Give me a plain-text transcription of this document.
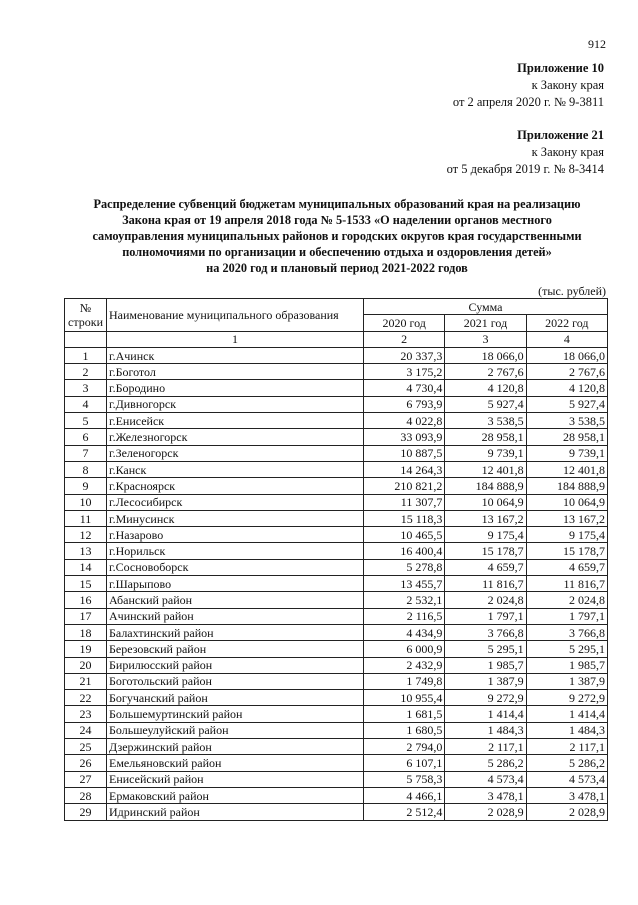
912
Приложение 10
к Закону края
от 2 апреля 2020 г. № 9-3811
Приложение 21
к Закону края
от 5 декабря 2019 г. № 8-3414
Распределение субвенций бюджетам муниципальных образований края на реализацию
Закона края от 19 апреля 2018 года № 5-1533 «О наделении органов местного
самоуправления муниципальных районов и городских округов края государственными
полномочиями по организации и обеспечению отдыха и оздоровления детей»
на 2020 год и плановый период 2021-2022 годов
(тыс. рублей)
№ строки	Наименование муниципального образования	Сумма		
		2020 год	2021 год	2022 год
	1	2	3	4
1	г.Ачинск	20 337,3	18 066,0	18 066,0
2	г.Боготол	3 175,2	2 767,6	2 767,6
3	г.Бородино	4 730,4	4 120,8	4 120,8
4	г.Дивногорск	6 793,9	5 927,4	5 927,4
5	г.Енисейск	4 022,8	3 538,5	3 538,5
6	г.Железногорск	33 093,9	28 958,1	28 958,1
7	г.Зеленогорск	10 887,5	9 739,1	9 739,1
8	г.Канск	14 264,3	12 401,8	12 401,8
9	г.Красноярск	210 821,2	184 888,9	184 888,9
10	г.Лесосибирск	11 307,7	10 064,9	10 064,9
11	г.Минусинск	15 118,3	13 167,2	13 167,2
12	г.Назарово	10 465,5	9 175,4	9 175,4
13	г.Норильск	16 400,4	15 178,7	15 178,7
14	г.Сосновоборск	5 278,8	4 659,7	4 659,7
15	г.Шарыпово	13 455,7	11 816,7	11 816,7
16	Абанский район	2 532,1	2 024,8	2 024,8
17	Ачинский район	2 116,5	1 797,1	1 797,1
18	Балахтинский район	4 434,9	3 766,8	3 766,8
19	Березовский район	6 000,9	5 295,1	5 295,1
20	Бирилюсский район	2 432,9	1 985,7	1 985,7
21	Боготольский район	1 749,8	1 387,9	1 387,9
22	Богучанский район	10 955,4	9 272,9	9 272,9
23	Большемуртинский район	1 681,5	1 414,4	1 414,4
24	Большеулуйский район	1 680,5	1 484,3	1 484,3
25	Дзержинский район	2 794,0	2 117,1	2 117,1
26	Емельяновский район	6 107,1	5 286,2	5 286,2
27	Енисейский район	5 758,3	4 573,4	4 573,4
28	Ермаковский район	4 466,1	3 478,1	3 478,1
29	Идринский район	2 512,4	2 028,9	2 028,9
